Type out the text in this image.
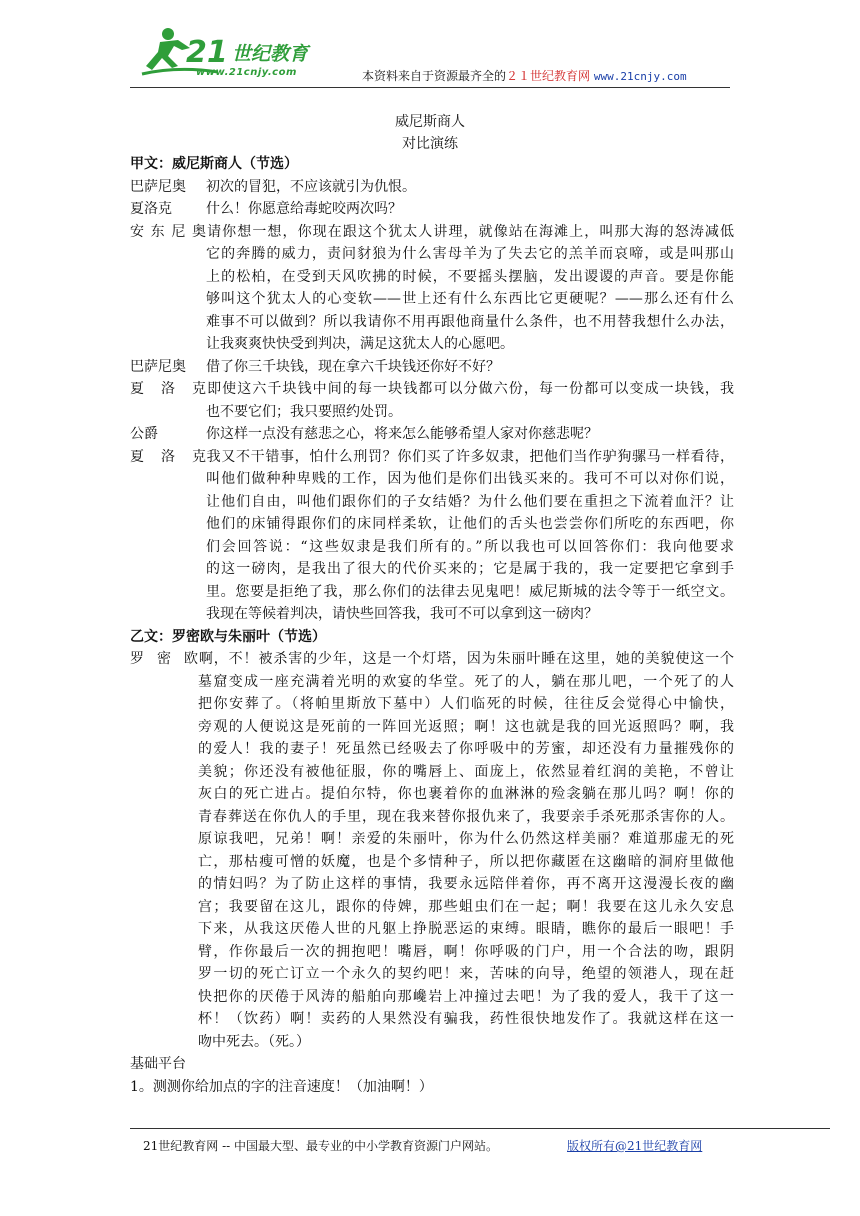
21 世纪教育
www.21cnjy.com	本资料来自于资源最齐全的２１世纪教育网 www.21cnjy.com
威尼斯商人
对比演练
甲文：威尼斯商人（节选）
巴萨尼奥 初次的冒犯，不应该就引为仇恨。
夏洛克 什么！你愿意给毒蛇咬两次吗？
安东尼奥请你想一想，你现在跟这个犹太人讲理，就像站在海滩上，叫那大海的怒涛减低
它的奔腾的威力，责问豺狼为什么害母羊为了失去它的羔羊而哀啼，或是叫那山
上的松柏，在受到天风吹拂的时候，不要摇头摆脑，发出谡谡的声音。要是你能
够叫这个犹太人的心变软——世上还有什么东西比它更硬呢？——那么还有什么
难事不可以做到？所以我请你不用再跟他商量什么条件，也不用替我想什么办法，
让我爽爽快快受到判决，满足这犹太人的心愿吧。
巴萨尼奥 借了你三千块钱，现在拿六千块钱还你好不好？
夏洛克即使这六千块钱中间的每一块钱都可以分做六份，每一份都可以变成一块钱，我
也不要它们；我只要照约处罚。
公爵	你这样一点没有慈悲之心，将来怎么能够希望人家对你慈悲呢？
夏洛克我又不干错事，怕什么刑罚？你们买了许多奴隶，把他们当作驴狗骡马一样看待，
叫他们做种种卑贱的工作，因为他们是你们出钱买来的。我可不可以对你们说，
让他们自由，叫他们跟你们的子女结婚？为什么他们要在重担之下流着血汗？让
他们的床铺得跟你们的床同样柔软，让他们的舌头也尝尝你们所吃的东西吧，你
们会回答说：“这些奴隶是我们所有的。”所以我也可以回答你们：我向他要求
的这一磅肉，是我出了很大的代价买来的；它是属于我的，我一定要把它拿到手
里。您要是拒绝了我，那么你们的法律去见鬼吧！威尼斯城的法令等于一纸空文。
我现在等候着判决，请快些回答我，我可不可以拿到这一磅肉？
乙文：罗密欧与朱丽叶（节选）
罗密欧啊，不！被杀害的少年，这是一个灯塔，因为朱丽叶睡在这里，她的美貌使这一个
墓窟变成一座充满着光明的欢宴的华堂。死了的人，躺在那儿吧，一个死了的人
把你安葬了。（将帕里斯放下墓中）人们临死的时候，往往反会觉得心中愉快，
旁观的人便说这是死前的一阵回光返照；啊！这也就是我的回光返照吗？啊，我
的爱人！我的妻子！死虽然已经吸去了你呼吸中的芳蜜，却还没有力量摧残你的
美貌；你还没有被他征服，你的嘴唇上、面庞上，依然显着红润的美艳，不曾让
灰白的死亡进占。提伯尔特，你也裹着你的血淋淋的殓衾躺在那儿吗？啊！你的
青春葬送在你仇人的手里，现在我来替你报仇来了，我要亲手杀死那杀害你的人。
原谅我吧，兄弟！啊！亲爱的朱丽叶，你为什么仍然这样美丽？难道那虚无的死
亡，那枯瘦可憎的妖魔，也是个多情种子，所以把你藏匿在这幽暗的洞府里做他
的情妇吗？为了防止这样的事情，我要永远陪伴着你，再不离开这漫漫长夜的幽
宫；我要留在这儿，跟你的侍婢，那些蛆虫们在一起；啊！我要在这儿永久安息
下来，从我这厌倦人世的凡躯上挣脱恶运的束缚。眼睛，瞧你的最后一眼吧！手
臂，作你最后一次的拥抱吧！嘴唇，啊！你呼吸的门户，用一个合法的吻，跟阴
罗一切的死亡订立一个永久的契约吧！来，苦味的向导，绝望的领港人，现在赶
快把你的厌倦于风涛的船舶向那巉岩上冲撞过去吧！为了我的爱人，我干了这一
杯！（饮药）啊！卖药的人果然没有骗我，药性很快地发作了。我就这样在这一
吻中死去。（死。）
基础平台
1。测测你给加点的字的注音速度！（加油啊！）
21世纪教育网 -- 中国最大型、最专业的中小学教育资源门户网站。	版权所有@21世纪教育网
